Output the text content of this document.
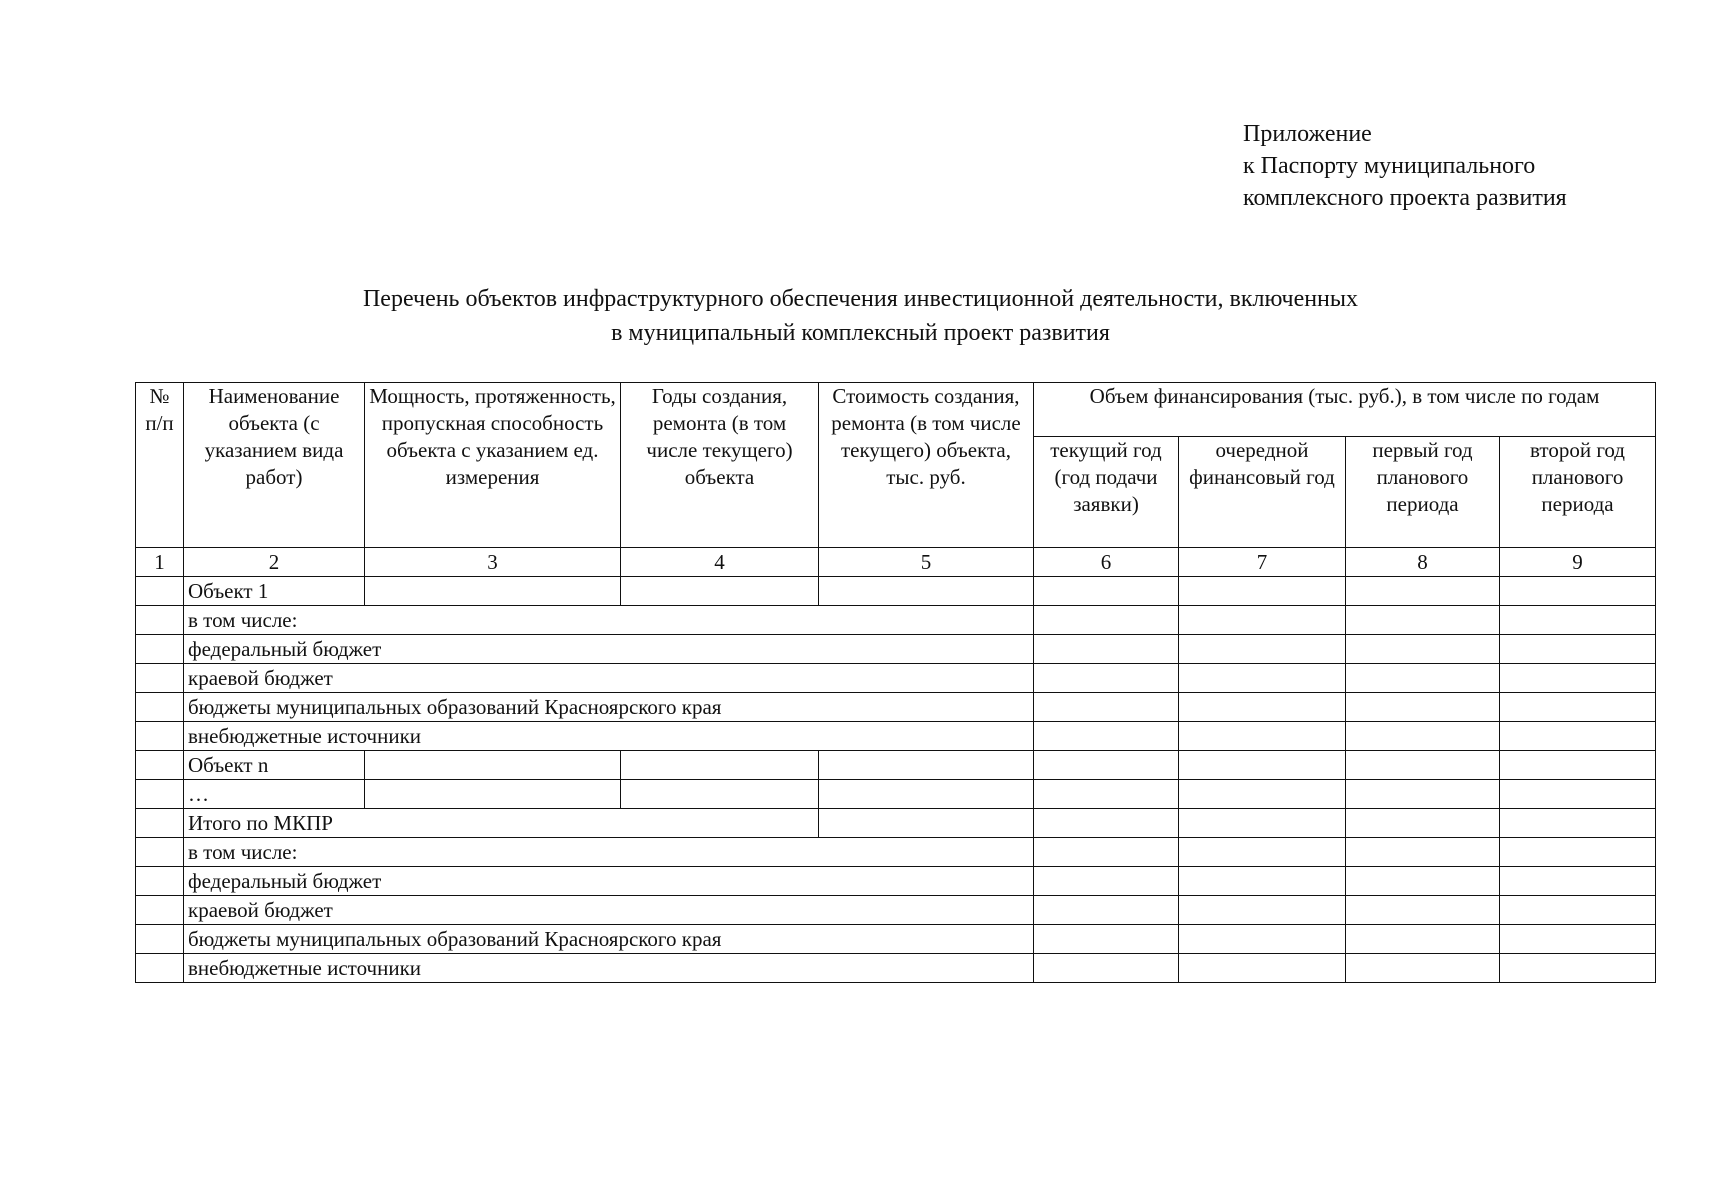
Приложение
к Паспорту муниципального
комплексного проекта развития
Перечень объектов инфраструктурного обеспечения инвестиционной деятельности, включенных
в муниципальный комплексный проект развития
№ п/п	Наименование объекта (с указанием вида работ)	Мощность, протяженность, пропускная способность объекта с указанием ед. измерения	Годы создания, ремонта (в том числе текущего) объекта	Стоимость создания, ремонта (в том числе текущего) объекта, тыс. руб.	Объем финансирования (тыс. руб.), в том числе по годам			
					текущий год (год подачи заявки)	очередной финансовый год	первый год планового периода	второй год планового периода
1	2	3	4	5	6	7	8	9
	Объект 1							
	в том числе:							
	федеральный бюджет							
	краевой бюджет							
	бюджеты муниципальных образований Красноярского края							
	внебюджетные источники							
	Объект n							
	…							
	Итого по МКПР							
	в том числе:							
	федеральный бюджет							
	краевой бюджет							
	бюджеты муниципальных образований Красноярского края							
	внебюджетные источники							
